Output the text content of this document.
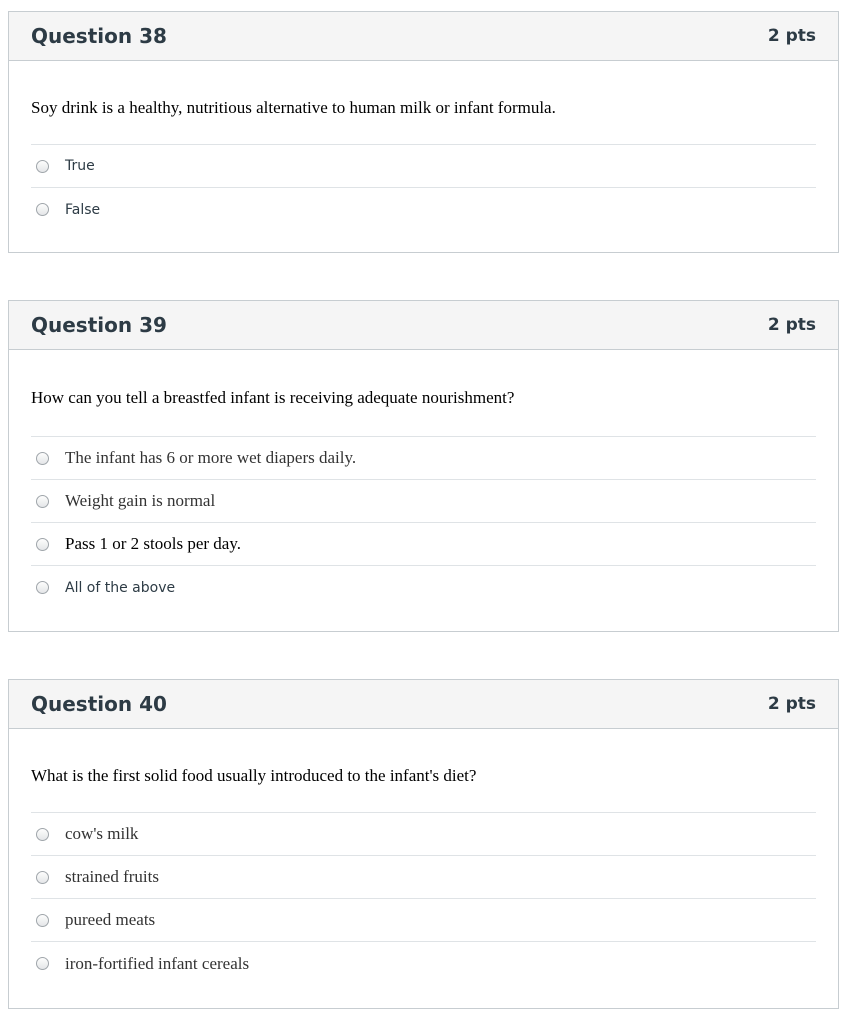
Question 38	2 pts
Soy drink is a healthy, nutritious alternative to human milk or infant formula.
True
False
Question 39	2 pts
How can you tell a breastfed infant is receiving adequate nourishment?
The infant has 6 or more wet diapers daily.
Weight gain is normal
Pass 1 or 2 stools per day.
All of the above
Question 40	2 pts
What is the first solid food usually introduced to the infant's diet?
cow's milk
strained fruits
pureed meats
iron-fortified infant cereals
